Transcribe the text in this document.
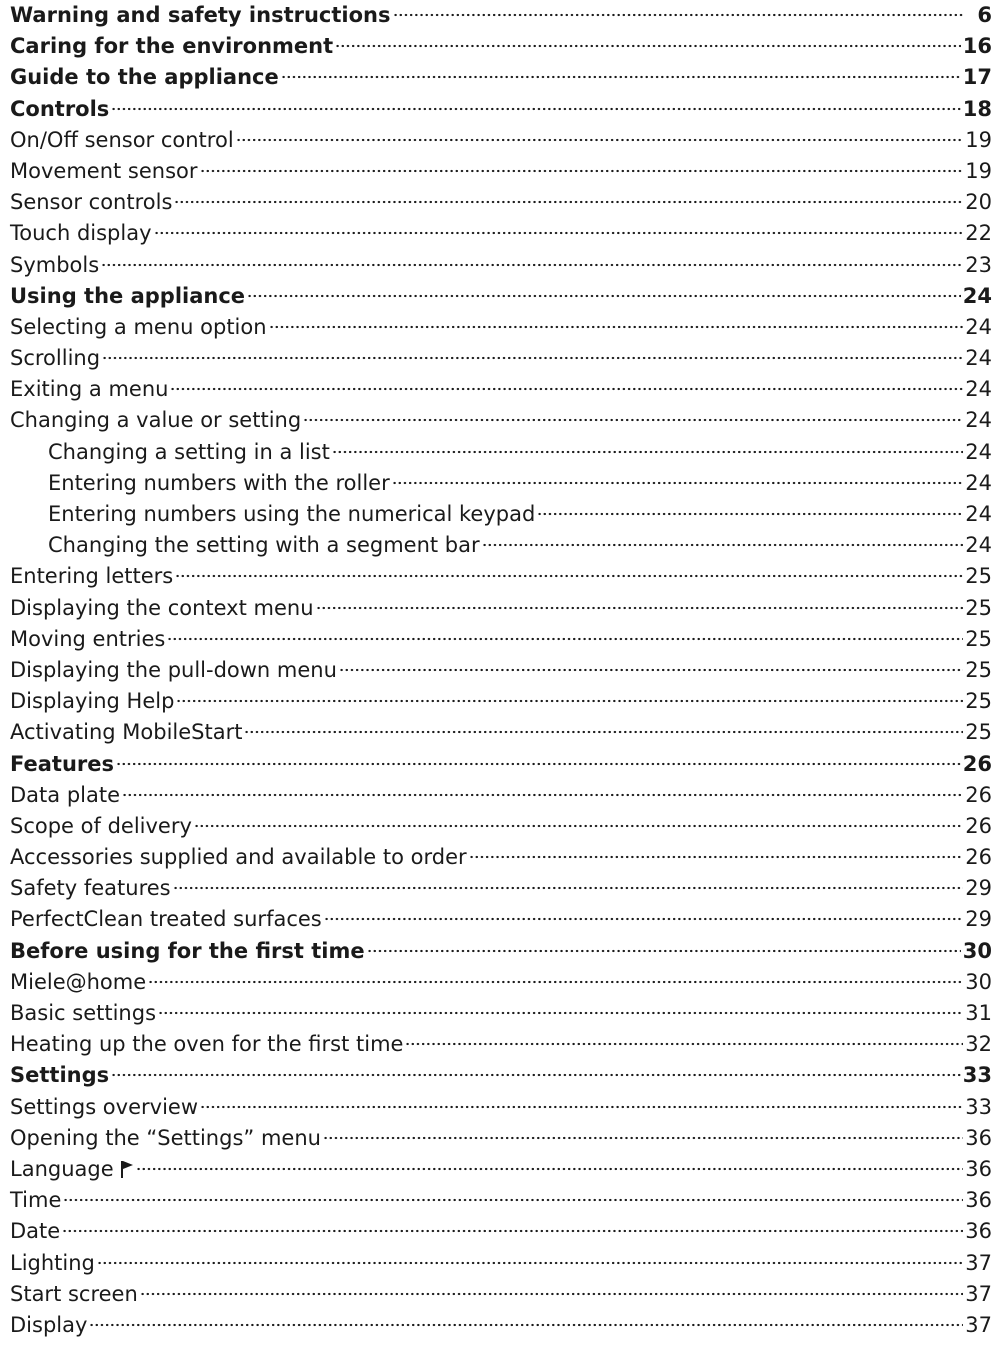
Warning and safety instructions	6
Caring for the environment	16
Guide to the appliance	17
Controls	18
On/Off sensor control	19
Movement sensor	19
Sensor controls	20
Touch display	22
Symbols	23
Using the appliance	24
Selecting a menu option	24
Scrolling	24
Exiting a menu	24
Changing a value or setting	24
Changing a setting in a list	24
Entering numbers with the roller	24
Entering numbers using the numerical keypad	24
Changing the setting with a segment bar	24
Entering letters	25
Displaying the context menu	25
Moving entries	25
Displaying the pull-down menu	25
Displaying Help	25
Activating MobileStart	25
Features	26
Data plate	26
Scope of delivery	26
Accessories supplied and available to order	26
Safety features	29
PerfectClean treated surfaces	29
Before using for the first time	30
Miele@home	30
Basic settings	31
Heating up the oven for the first time	32
Settings	33
Settings overview	33
Opening the “Settings” menu	36
Language	36
Time	36
Date	36
Lighting	37
Start screen	37
Display	37
